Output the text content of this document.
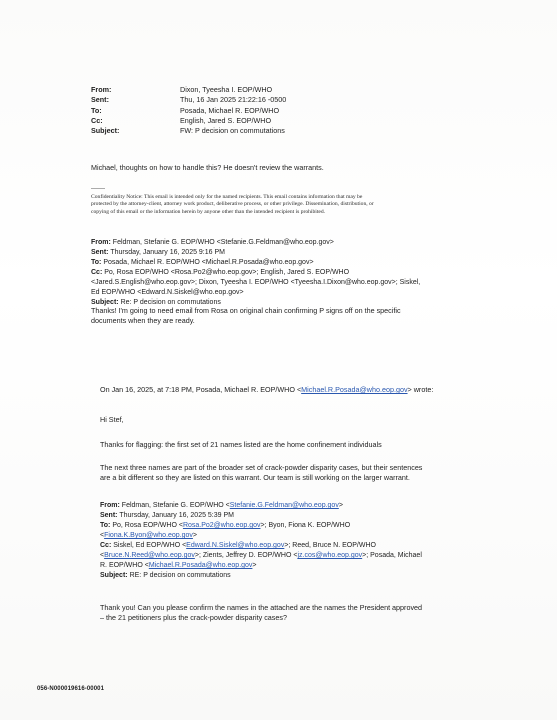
From:	Dixon, Tyeesha I. EOP/WHO
Sent:	Thu, 16 Jan 2025 21:22:16 -0500
To:	Posada, Michael R. EOP/WHO
Cc:	English, Jared S. EOP/WHO
Subject:	FW: P decision on commutations
Michael, thoughts on how to handle this? He doesn't review the warrants.
-------
Confidentiality Notice: This email is intended only for the named recipients. This email contains information that may be
protected by the attorney-client, attorney work product, deliberative process, or other privilege. Dissemination, distribution, or
copying of this email or the information herein by anyone other than the intended recipient is prohibited.
From: Feldman, Stefanie G. EOP/WHO <Stefanie.G.Feldman@who.eop.gov>
Sent: Thursday, January 16, 2025 9:16 PM
To: Posada, Michael R. EOP/WHO <Michael.R.Posada@who.eop.gov>
Cc: Po, Rosa EOP/WHO <Rosa.Po2@who.eop.gov>; English, Jared S. EOP/WHO
<Jared.S.English@who.eop.gov>; Dixon, Tyeesha I. EOP/WHO <Tyeesha.I.Dixon@who.eop.gov>; Siskel,
Ed EOP/WHO <Edward.N.Siskel@who.eop.gov>
Subject: Re: P decision on commutations
Thanks! I'm going to need email from Rosa on original chain confirming P signs off on the specific
documents when they are ready.
On Jan 16, 2025, at 7:18 PM, Posada, Michael R. EOP/WHO <Michael.R.Posada@who.eop.gov> wrote:
Hi Stef,
Thanks for flagging: the first set of 21 names listed are the home confinement individuals
The next three names are part of the broader set of crack-powder disparity cases, but their sentences
are a bit different so they are listed on this warrant. Our team is still working on the larger warrant.
From: Feldman, Stefanie G. EOP/WHO <Stefanie.G.Feldman@who.eop.gov>
Sent: Thursday, January 16, 2025 5:39 PM
To: Po, Rosa EOP/WHO <Rosa.Po2@who.eop.gov>; Byon, Fiona K. EOP/WHO
<Fiona.K.Byon@who.eop.gov>
Cc: Siskel, Ed EOP/WHO <Edward.N.Siskel@who.eop.gov>; Reed, Bruce N. EOP/WHO
<Bruce.N.Reed@who.eop.gov>; Zients, Jeffrey D. EOP/WHO <jz.cos@who.eop.gov>; Posada, Michael
R. EOP/WHO <Michael.R.Posada@who.eop.gov>
Subject: RE: P decision on commutations
Thank you! Can you please confirm the names in the attached are the names the President approved
– the 21 petitioners plus the crack-powder disparity cases?
056-N000019616-00001
